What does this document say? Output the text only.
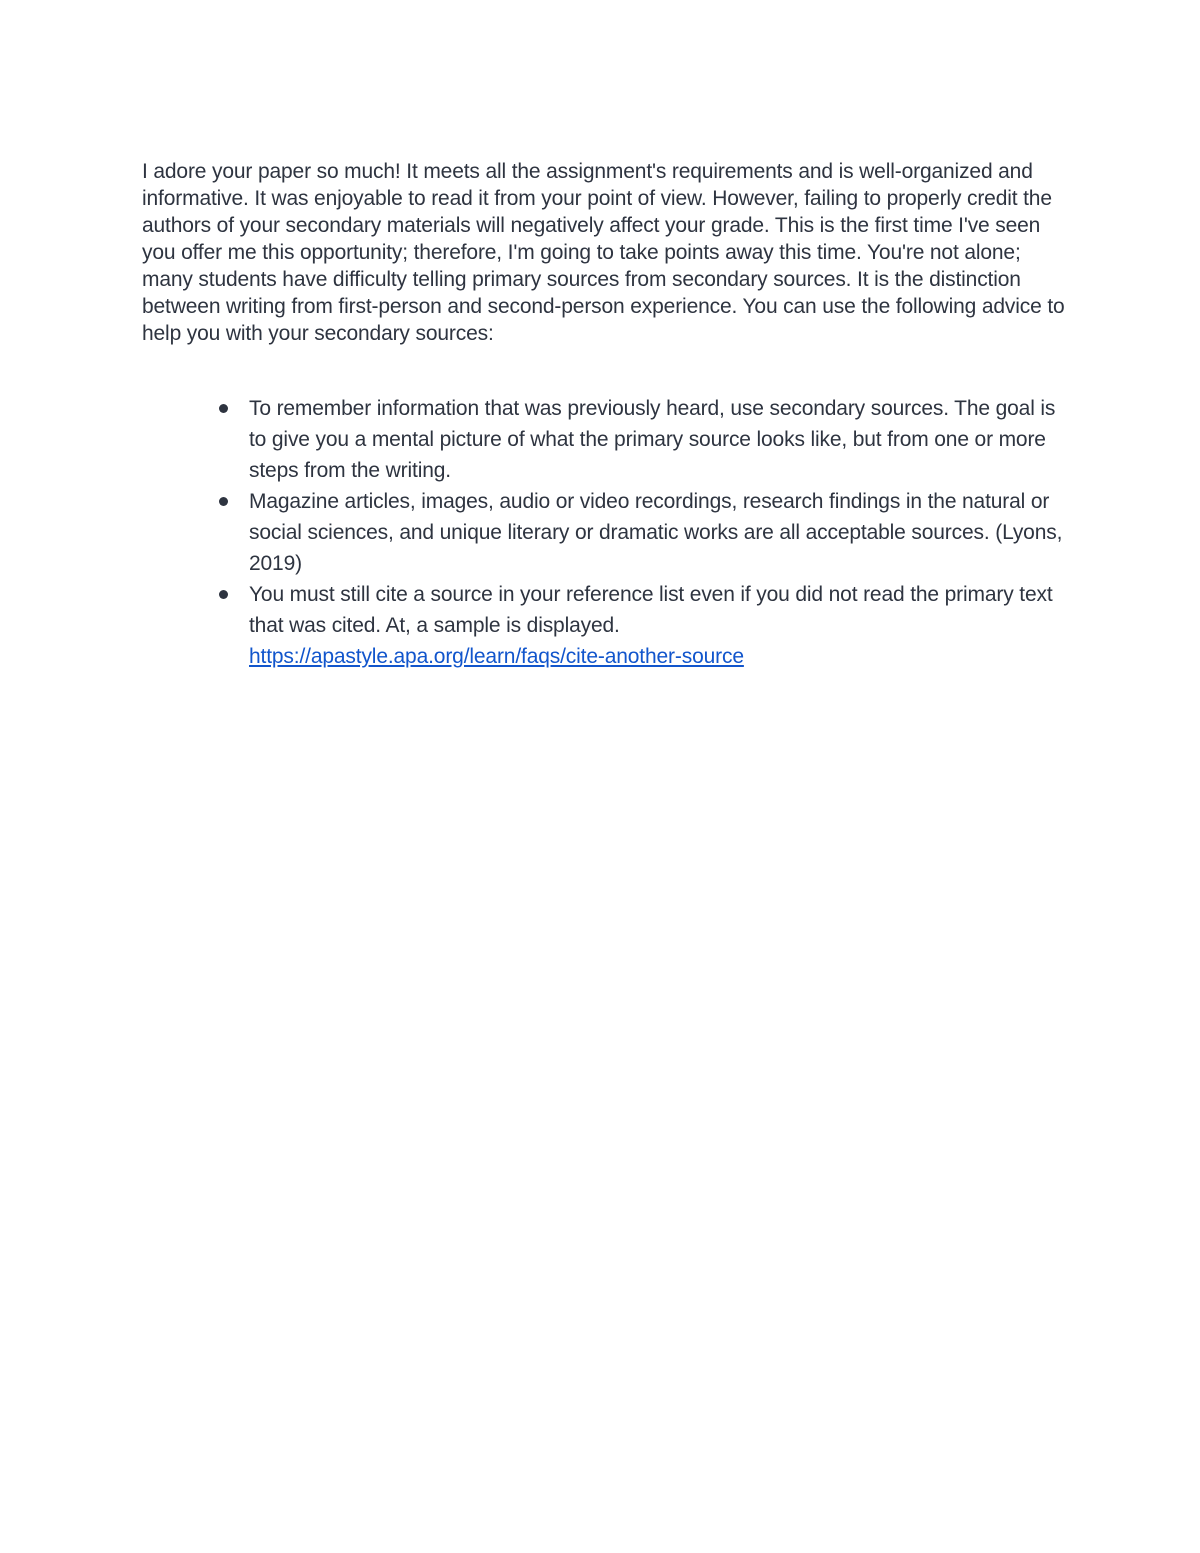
I adore your paper so much! It meets all the assignment's requirements and is well-organized and informative. It was enjoyable to read it from your point of view. However, failing to properly credit the authors of your secondary materials will negatively affect your grade. This is the first time I've seen you offer me this opportunity; therefore, I'm going to take points away this time. You're not alone; many students have difficulty telling primary sources from secondary sources. It is the distinction between writing from first-person and second-person experience. You can use the following advice to help you with your secondary sources:

To remember information that was previously heard, use secondary sources. The goal is to give you a mental picture of what the primary source looks like, but from one or more steps from the writing.
Magazine articles, images, audio or video recordings, research findings in the natural or social sciences, and unique literary or dramatic works are all acceptable sources. (Lyons, 2019)
You must still cite a source in your reference list even if you did not read the primary text that was cited. At, a sample is displayed.
https://apastyle.apa.org/learn/faqs/cite-another-source
